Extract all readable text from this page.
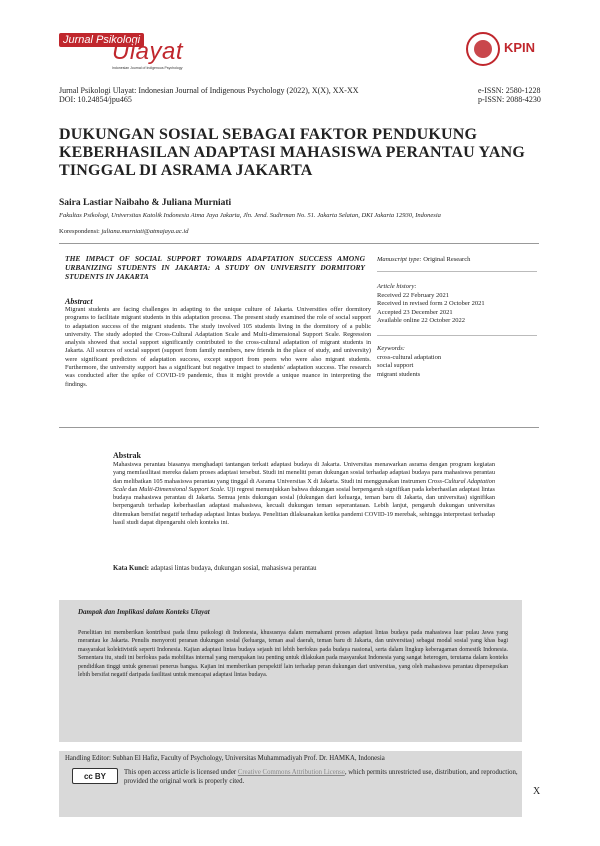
Jurnal Psikologi
Ulayat
Indonesian Journal of Indigenous Psychology
KPIN
Jurnal Psikologi Ulayat: Indonesian Journal of Indigenous Psychology (2022), X(X), XX-XX
DOI: 10.24854/jpu465
e-ISSN: 2580-1228
p-ISSN: 2088-4230
DUKUNGAN SOSIAL SEBAGAI FAKTOR PENDUKUNG KEBERHASILAN ADAPTASI MAHASISWA PERANTAU YANG TINGGAL DI ASRAMA JAKARTA
Saira Lastiar Naibaho & Juliana Murniati
Fakultas Psikologi, Universitas Katolik Indonesia Atma Jaya Jakarta, Jln. Jend. Sudirman No. 51. Jakarta Selatan, DKI Jakarta 12930, Indonesia
Korespondensi: juliana.murniati@atmajaya.ac.id
THE IMPACT OF SOCIAL SUPPORT TOWARDS ADAPTATION SUCCESS AMONG URBANIZING STUDENTS IN JAKARTA: A STUDY ON UNIVERSITY DORMITORY STUDENTS IN JAKARTA
Abstract
Migrant students are facing challenges in adapting to the unique culture of Jakarta. Universities offer dormitory programs to facilitate migrant students in this adaptation process. The present study examined the role of social support to adaptation success of the migrant students. The study involved 105 students living in the dormitory of a public university. The study adopted the Cross-Cultural Adaptation Scale and Multi-dimensional Support Scale. Regression analysis showed that social support significantly contributed to the cross-cultural adaptation of migrant students in Jakarta. All sources of social support (support from family members, new friends in the place of study, and university) were significant predictors of adaptation success, except support from peers who were also migrant students. Furthermore, the university support has a significant but negative impact to students' adaptation success. The research was conducted after the spike of COVID-19 pandemic, thus it might provide a unique nuance in interpreting the findings.
Manuscript type: Original Research
Article history:
Received 22 February 2021
Received in revised form 2 October 2021
Accepted 23 December 2021
Available online 22 October 2022
Keywords:
cross-cultural adaptation
social support
migrant students
Abstrak
Mahasiswa perantau biasanya menghadapi tantangan terkait adaptasi budaya di Jakarta. Universitas menawarkan asrama dengan program kegiatan yang memfasilitasi mereka dalam proses adaptasi tersebut. Studi ini meneliti peran dukungan sosial terhadap adaptasi budaya para mahasiswa perantau dan melibatkan 105 mahasiswa perantau yang tinggal di Asrama Universitas X di Jakarta. Studi ini menggunakan instrumen Cross-Cultural Adaptation Scale dan Multi-Dimensional Support Scale. Uji regresi menunjukkan bahwa dukungan sosial berpengaruh signifikan pada keberhasilan adaptasi lintas budaya mahasiswa perantau di Jakarta. Semua jenis dukungan sosial (dukungan dari keluarga, teman baru di Jakarta, dan universitas) signifikan berpengaruh terhadap keberhasilan adaptasi mahasiswa, kecuali dukungan teman seperantauan. Lebih lanjut, pengaruh dukungan universitas ditemukan bersifat negatif terhadap adaptasi lintas budaya. Penelitian dilaksanakan ketika pandemi COVID-19 merebak, sehingga interpretasi terhadap hasil studi dapat dipengaruhi oleh konteks ini.
Kata Kunci: adaptasi lintas budaya, dukungan sosial, mahasiswa perantau
Dampak dan Implikasi dalam Konteks Ulayat
Penelitian ini memberikan kontribusi pada ilmu psikologi di Indonesia, khususnya dalam memahami proses adaptasi lintas budaya pada mahasiswa luar pulau Jawa yang merantau ke Jakarta. Penulis menyoroti peranan dukungan sosial (keluarga, teman asal daerah, teman baru di Jakarta, dan universitas) sebagai modal sosial yang khas bagi masyarakat kolektivistik seperti Indonesia. Kajian adaptasi lintas budaya sejauh ini lebih berfokus pada budaya nasional, serta dalam lingkup keberagaman domestik Indonesia. Sementara itu, studi ini berfokus pada mobilitas internal yang merupakan isu penting untuk dilakukan pada masyarakat Indonesia yang sangat heterogen, terutama dalam konteks pendidikan tinggi untuk generasi penerus bangsa. Kajian ini memberikan perspektif lain terhadap peran dukungan dari universitas, yang oleh mahasiswa perantau dipersepsikan lebih bersifat negatif daripada fasilitasi untuk mencapai adaptasi lintas budaya.
Handling Editor: Subhan El Hafiz, Faculty of Psychology, Universitas Muhammadiyah Prof. Dr. HAMKA, Indonesia
cc BY	This open access article is licensed under Creative Commons Attribution License, which permits unrestricted use, distribution, and reproduction, provided the original work is properly cited.
X
